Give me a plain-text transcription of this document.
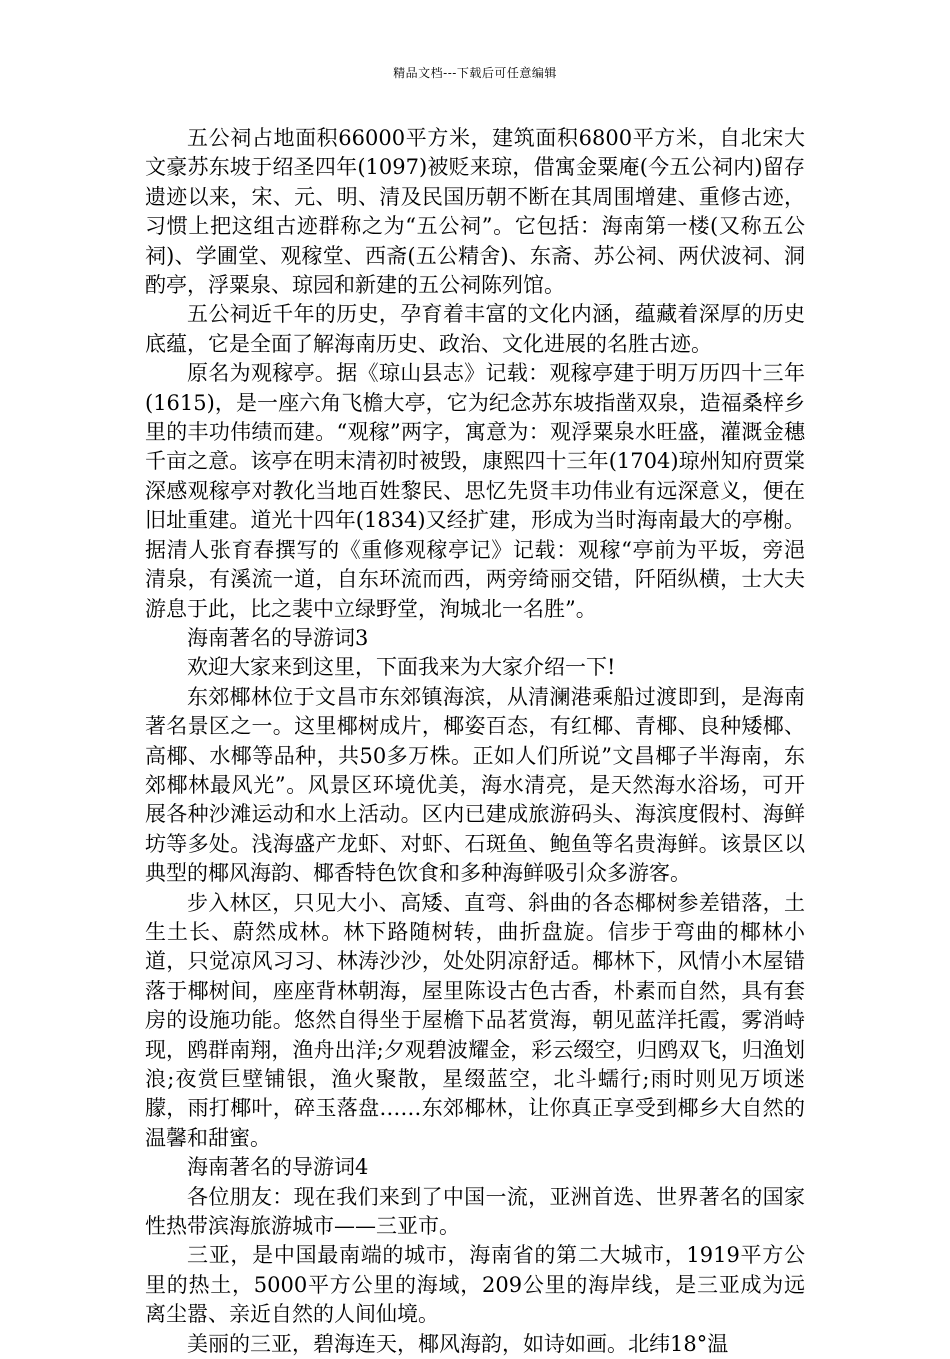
精品文档---下载后可任意编辑

五公祠占地面积66000平方米，建筑面积6800平方米，自北宋大文豪苏东坡于绍圣四年(1097)被贬来琼，借寓金粟庵(今五公祠内)留存遗迹以来，宋、元、明、清及民国历朝不断在其周围增建、重修古迹，习惯上把这组古迹群称之为“五公祠”。它包括：海南第一楼(又称五公祠)、学圃堂、观稼堂、西斋(五公精舍)、东斋、苏公祠、两伏波祠、洞酌亭，浮粟泉、琼园和新建的五公祠陈列馆。

五公祠近千年的历史，孕育着丰富的文化内涵，蕴藏着深厚的历史底蕴，它是全面了解海南历史、政治、文化进展的名胜古迹。

原名为观稼亭。据《琼山县志》记载：观稼亭建于明万历四十三年(1615)，是一座六角飞檐大亭，它为纪念苏东坡指凿双泉，造福桑梓乡里的丰功伟绩而建。“观稼”两字，寓意为：观浮粟泉水旺盛，灌溉金穗千亩之意。该亭在明末清初时被毁，康熙四十三年(1704)琼州知府贾棠深感观稼亭对教化当地百姓黎民、思忆先贤丰功伟业有远深意义，便在旧址重建。道光十四年(1834)又经扩建，形成为当时海南最大的亭榭。据清人张育春撰写的《重修观稼亭记》记载：观稼“亭前为平坂，旁浥清泉，有溪流一道，自东环流而西，两旁绮丽交错，阡陌纵横，士大夫游息于此，比之裴中立绿野堂，洵城北一名胜”。

海南著名的导游词3

欢迎大家来到这里，下面我来为大家介绍一下!

东郊椰林位于文昌市东郊镇海滨，从清澜港乘船过渡即到，是海南著名景区之一。这里椰树成片，椰姿百态，有红椰、青椰、良种矮椰、高椰、水椰等品种，共50多万株。正如人们所说”文昌椰子半海南，东郊椰林最风光”。风景区环境优美，海水清亮，是天然海水浴场，可开展各种沙滩运动和水上活动。区内已建成旅游码头、海滨度假村、海鲜坊等多处。浅海盛产龙虾、对虾、石斑鱼、鲍鱼等名贵海鲜。该景区以典型的椰风海韵、椰香特色饮食和多种海鲜吸引众多游客。

步入林区，只见大小、高矮、直弯、斜曲的各态椰树参差错落，土生土长、蔚然成林。林下路随树转，曲折盘旋。信步于弯曲的椰林小道，只觉凉风习习、林涛沙沙，处处阴凉舒适。椰林下，风情小木屋错落于椰树间，座座背林朝海，屋里陈设古色古香，朴素而自然，具有套房的设施功能。悠然自得坐于屋檐下品茗赏海，朝见蓝洋托霞，雾消峙现，鸥群南翔，渔舟出洋;夕观碧波耀金，彩云缀空，归鸥双飞，归渔划浪;夜赏巨壁铺银，渔火聚散，星缀蓝空，北斗蠕行;雨时则见万顷迷朦，雨打椰叶，碎玉落盘……东郊椰林，让你真正享受到椰乡大自然的温馨和甜蜜。

海南著名的导游词4

各位朋友：现在我们来到了中国一流，亚洲首选、世界著名的国家性热带滨海旅游城市——三亚市。

三亚，是中国最南端的城市，海南省的第二大城市，1919平方公里的热土，5000平方公里的海域，209公里的海岸线，是三亚成为远离尘嚣、亲近自然的人间仙境。

美丽的三亚，碧海连天，椰风海韵，如诗如画。北纬18°温
